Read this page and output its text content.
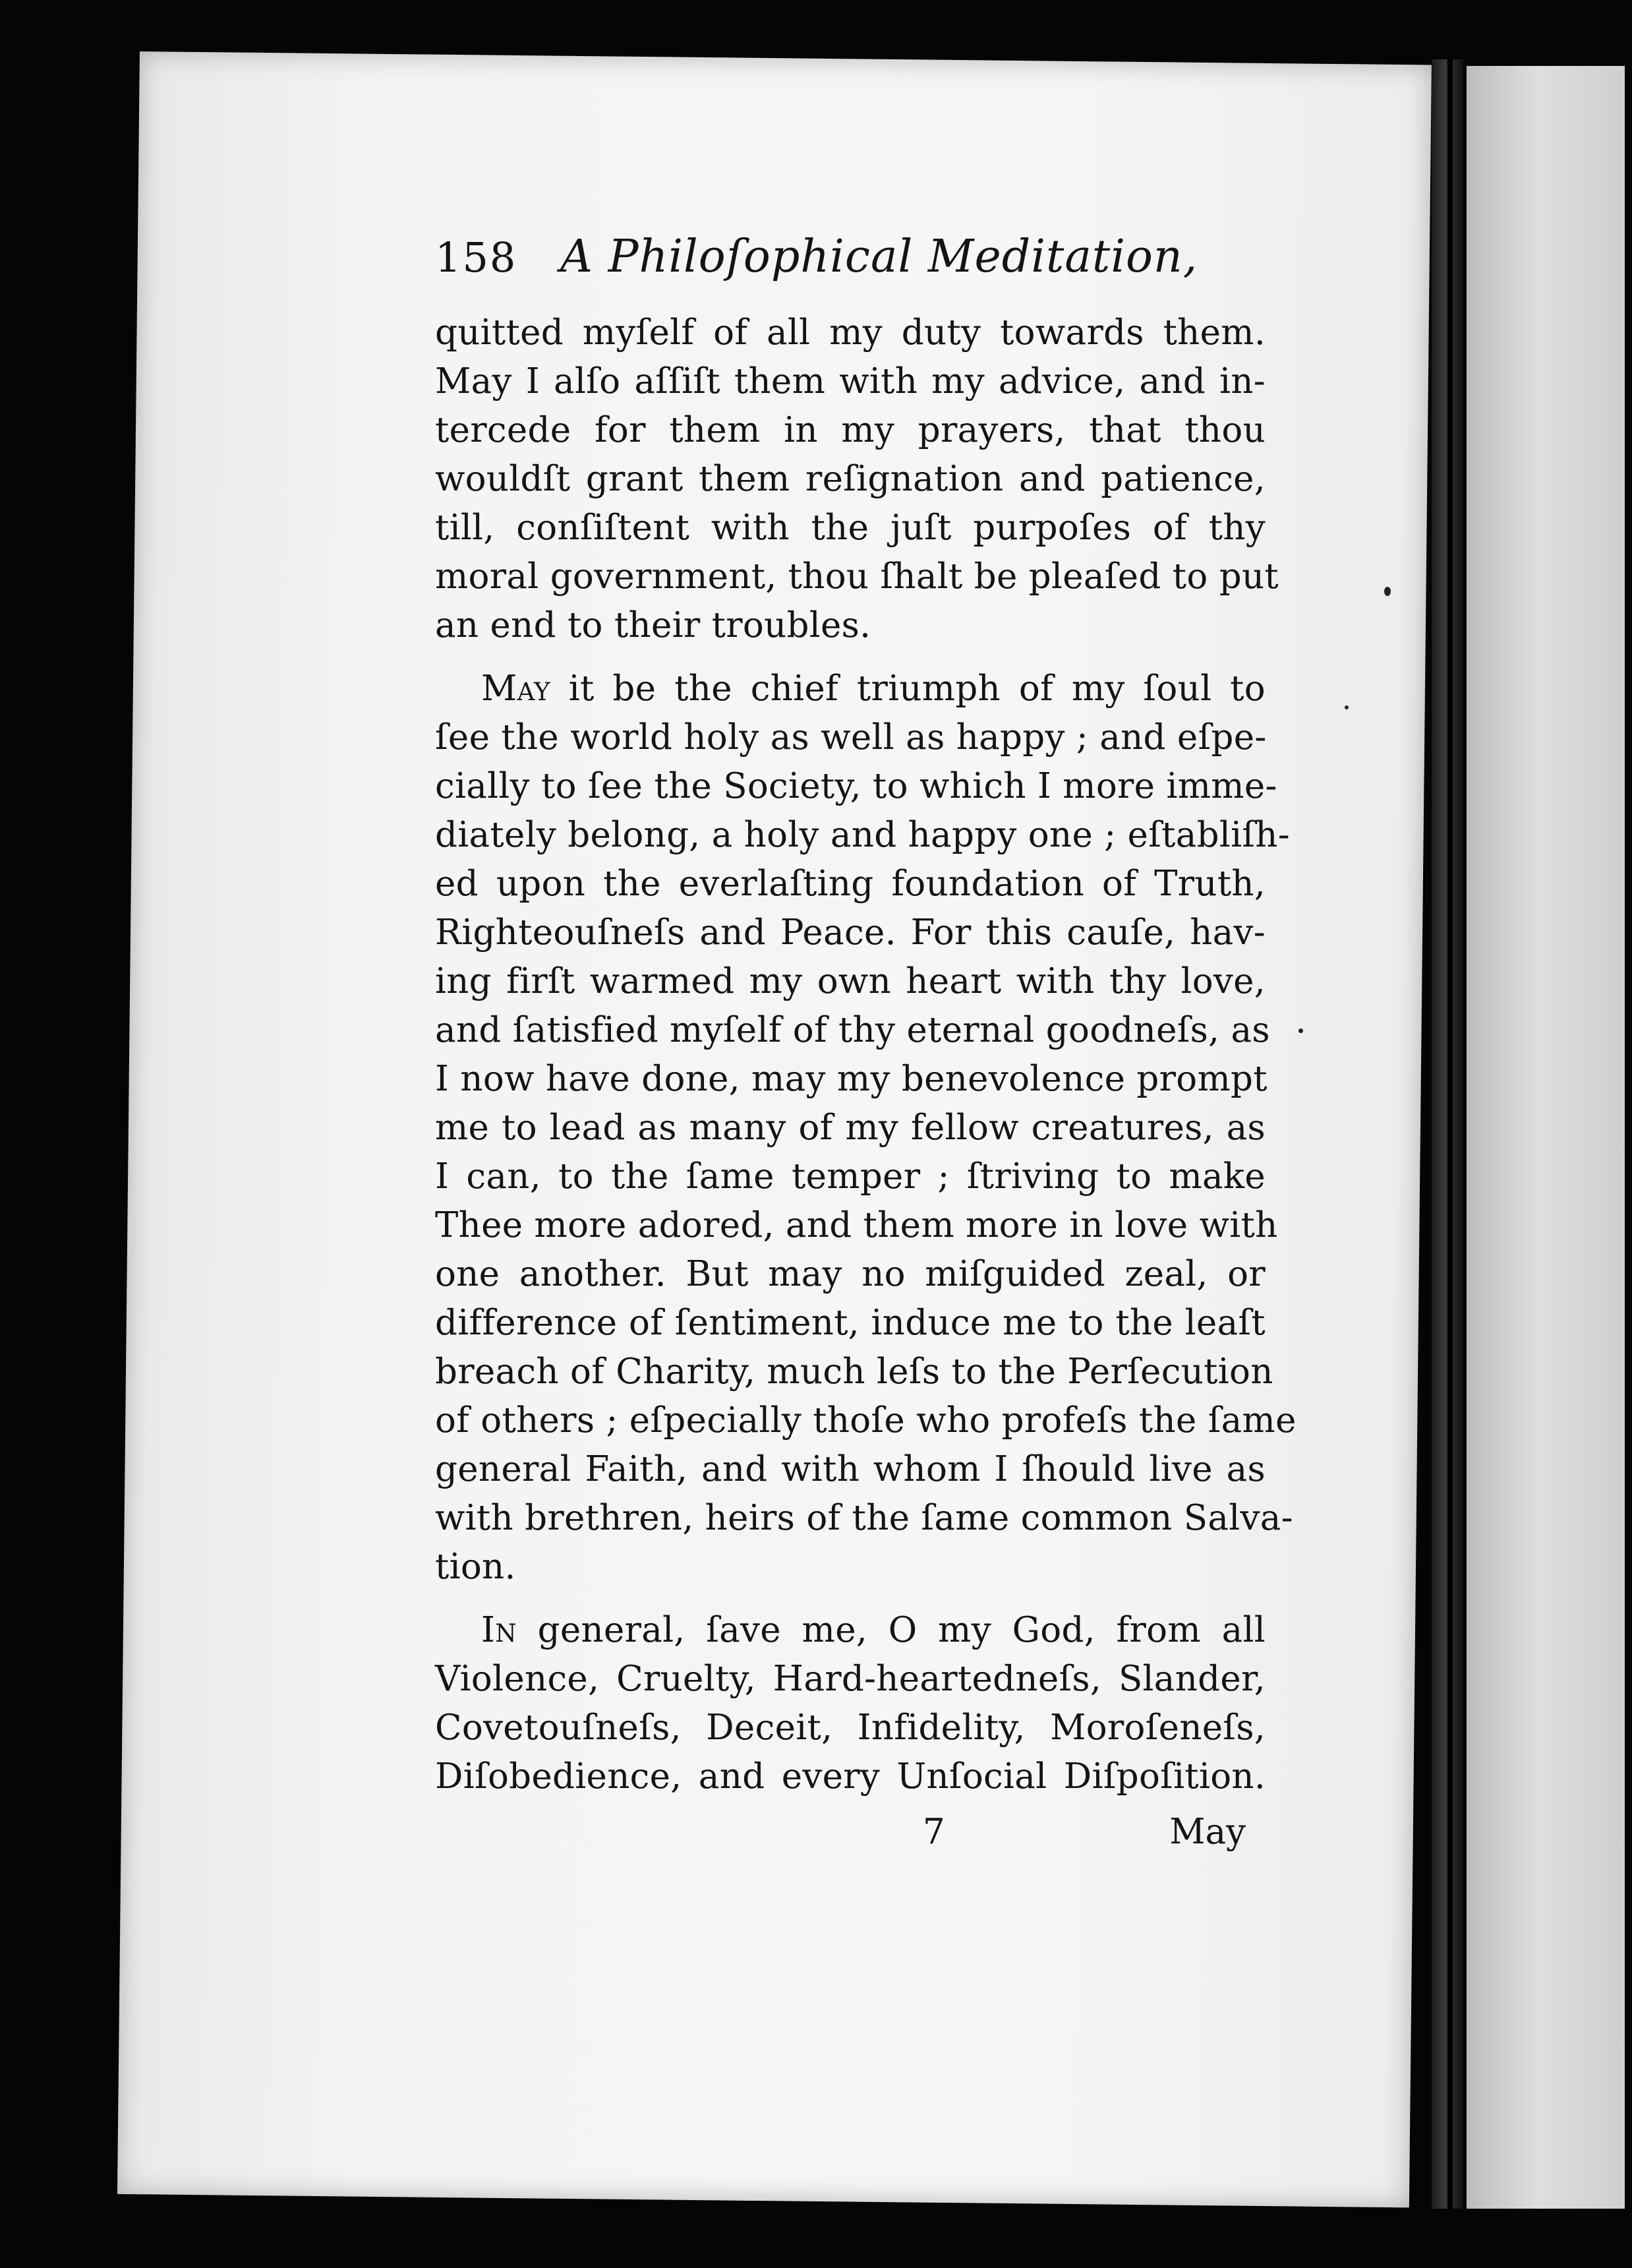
158 A Philoſophical Meditation,
quitted myſelf of all my duty towards them.
May I alſo aſſiſt them with my advice, and in-
tercede for them in my prayers, that thou
wouldſt grant them reſignation and patience,
till, conſiſtent with the juſt purpoſes of thy
moral government, thou ſhalt be pleaſed to put
an end to their troubles.
May it be the chief triumph of my ſoul to
ſee the world holy as well as happy ; and eſpe-
cially to ſee the Society, to which I more imme-
diately belong, a holy and happy one ; eſtabliſh-
ed upon the everlaſting foundation of Truth,
Righteouſneſs and Peace. For this cauſe, hav-
ing firſt warmed my own heart with thy love,
and ſatisfied myſelf of thy eternal goodneſs, as
I now have done, may my benevolence prompt
me to lead as many of my fellow creatures, as
I can, to the ſame temper ; ſtriving to make
Thee more adored, and them more in love with
one another. But may no miſguided zeal, or
difference of ſentiment, induce me to the leaſt
breach of Charity, much leſs to the Perſecution
of others ; eſpecially thoſe who profeſs the ſame
general Faith, and with whom I ſhould live as
with brethren, heirs of the ſame common Salva-
tion.
In general, ſave me, O my God, from all
Violence, Cruelty, Hard-heartedneſs, Slander,
Covetouſneſs, Deceit, Infidelity, Moroſeneſs,
Diſobedience, and every Unſocial Diſpoſition.
7	May
